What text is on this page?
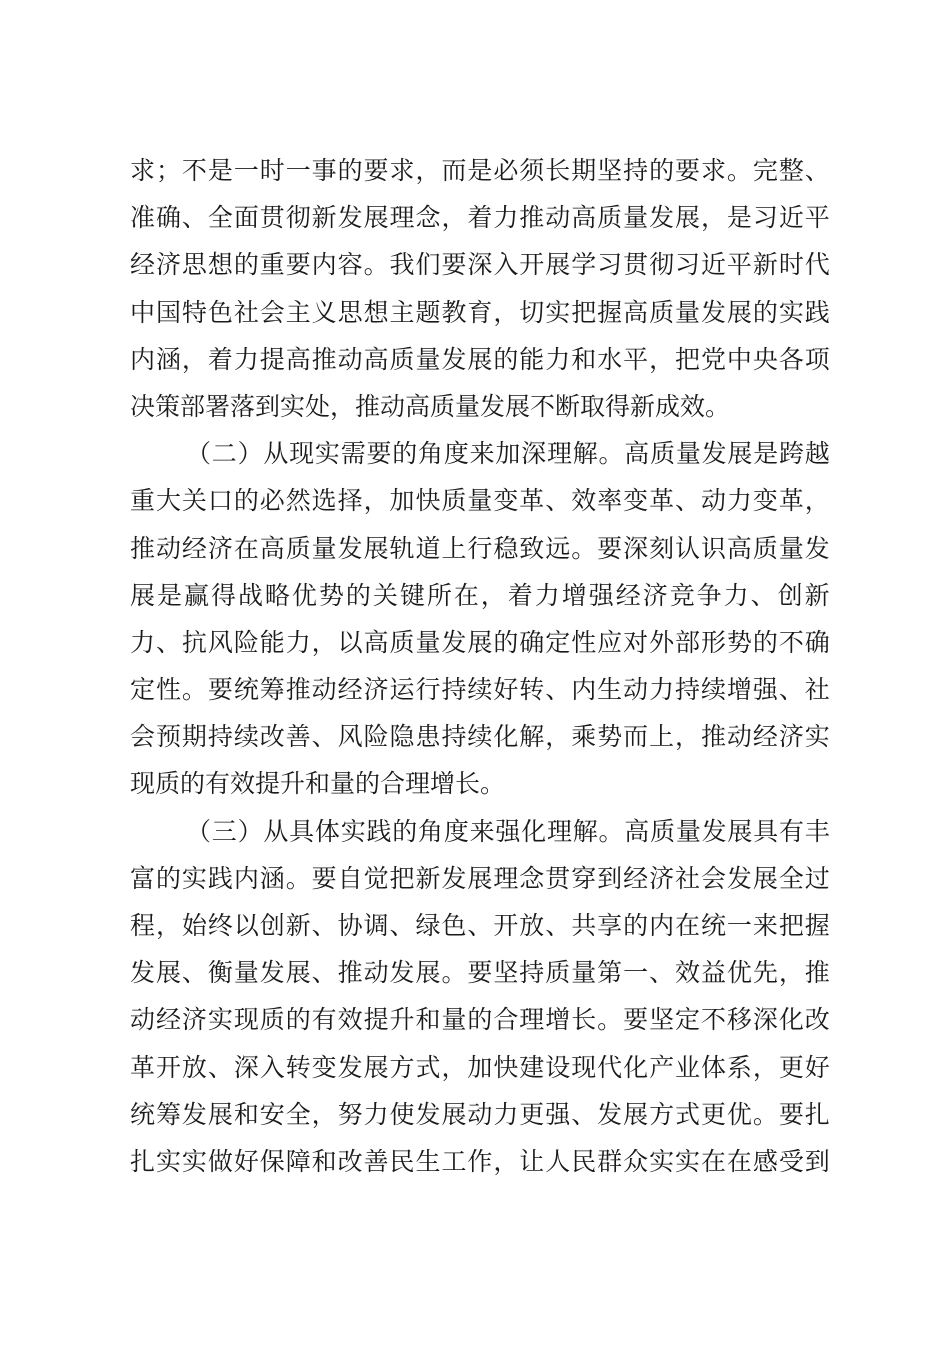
求 ； 不 是 一 时 一 事 的 要 求 ， 而 是 必 须 长 期 坚 持 的 要 求 。 完 整 、
准 确 、 全 面 贯 彻 新 发 展 理 念 ， 着 力 推 动 高 质 量 发 展 ， 是 习 近 平
经 济 思 想 的 重 要 内 容 。 我 们 要 深 入 开 展 学 习 贯 彻 习 近 平 新 时 代
中 国 特 色 社 会 主 义 思 想 主 题 教 育 ， 切 实 把 握 高 质 量 发 展 的 实 践
内 涵 ， 着 力 提 高 推 动 高 质 量 发 展 的 能 力 和 水 平 ， 把 党 中 央 各 项
决策部署落到实处，推动高质量发展不断取得新成效。
（ 二 ） 从 现 实 需 要 的 角 度 来 加 深 理 解 。 高 质 量 发 展 是 跨 越
重 大 关 口 的 必 然 选 择 ， 加 快 质 量 变 革 、 效 率 变 革 、 动 力 变 革 ，
推 动 经 济 在 高 质 量 发 展 轨 道 上 行 稳 致 远 。 要 深 刻 认 识 高 质 量 发
展 是 赢 得 战 略 优 势 的 关 键 所 在 ， 着 力 增 强 经 济 竞 争 力 、 创 新
力 、 抗 风 险 能 力 ， 以 高 质 量 发 展 的 确 定 性 应 对 外 部 形 势 的 不 确
定 性 。 要 统 筹 推 动 经 济 运 行 持 续 好 转 、 内 生 动 力 持 续 增 强 、 社
会 预 期 持 续 改 善 、 风 险 隐 患 持 续 化 解 ， 乘 势 而 上 ， 推 动 经 济 实
现质的有效提升和量的合理增长。
（ 三 ） 从 具 体 实 践 的 角 度 来 强 化 理 解 。 高 质 量 发 展 具 有 丰
富 的 实 践 内 涵 。 要 自 觉 把 新 发 展 理 念 贯 穿 到 经 济 社 会 发 展 全 过
程 ， 始 终 以 创 新 、 协 调 、 绿 色 、 开 放 、 共 享 的 内 在 统 一 来 把 握
发 展 、 衡 量 发 展 、 推 动 发 展 。 要 坚 持 质 量 第 一 、 效 益 优 先 ， 推
动 经 济 实 现 质 的 有 效 提 升 和 量 的 合 理 增 长 。 要 坚 定 不 移 深 化 改
革 开 放 、 深 入 转 变 发 展 方 式 ， 加 快 建 设 现 代 化 产 业 体 系 ， 更 好
统 筹 发 展 和 安 全 ， 努 力 使 发 展 动 力 更 强 、 发 展 方 式 更 优 。 要 扎
扎 实 实 做 好 保 障 和 改 善 民 生 工 作 ， 让 人 民 群 众 实 实 在 在 感 受 到
